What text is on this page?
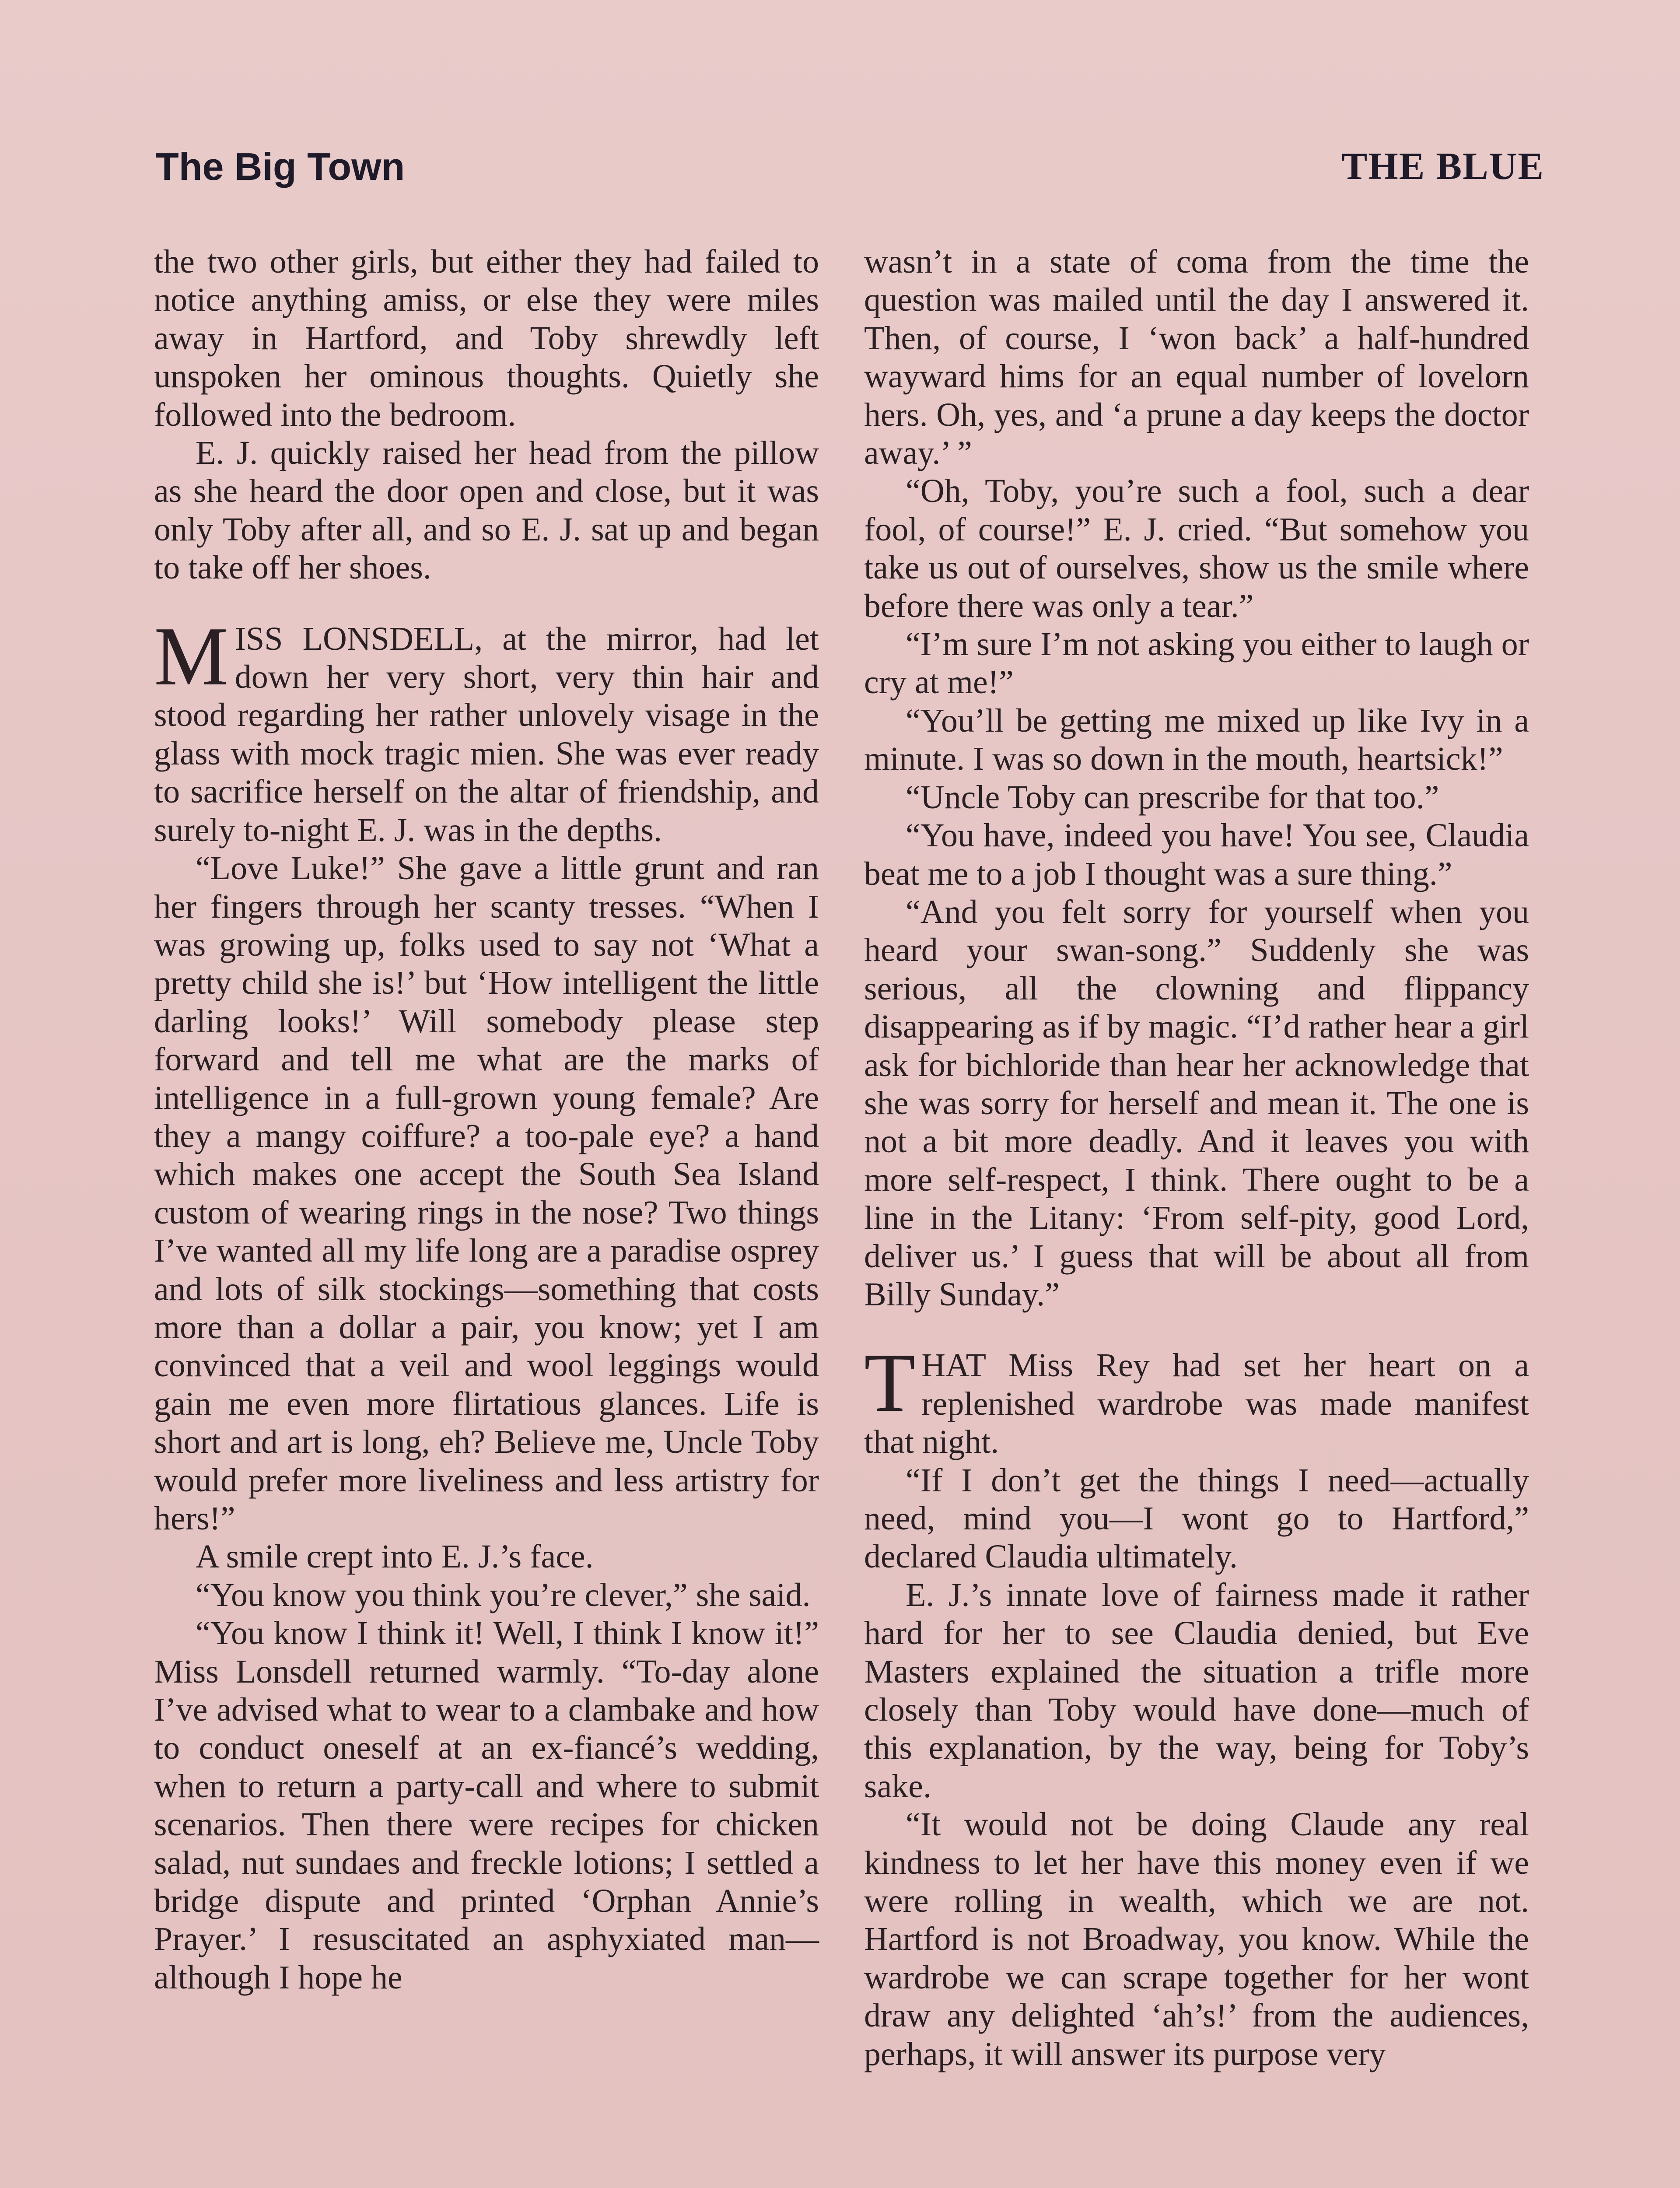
The Big Town	THE BLUE

the two other girls, but either they had failed to notice anything amiss, or else they were miles away in Hartford, and Toby shrewdly left unspoken her ominous thoughts. Quietly she followed into the bedroom.

E. J. quickly raised her head from the pillow as she heard the door open and close, but it was only Toby after all, and so E. J. sat up and began to take off her shoes.

MISS LONSDELL, at the mirror, had let down her very short, very thin hair and stood regarding her rather unlovely visage in the glass with mock tragic mien. She was ever ready to sacrifice herself on the altar of friendship, and surely to-night E. J. was in the depths.

“Love Luke!” She gave a little grunt and ran her fingers through her scanty tresses. “When I was growing up, folks used to say not ‘What a pretty child she is!’ but ‘How intelligent the little darling looks!’ Will somebody please step forward and tell me what are the marks of intelligence in a full-grown young female? Are they a mangy coiffure? a too-pale eye? a hand which makes one accept the South Sea Island custom of wearing rings in the nose? Two things I’ve wanted all my life long are a paradise osprey and lots of silk stockings—something that costs more than a dollar a pair, you know; yet I am convinced that a veil and wool leggings would gain me even more flirtatious glances. Life is short and art is long, eh? Believe me, Uncle Toby would prefer more liveliness and less artistry for hers!”

A smile crept into E. J.’s face.

“You know you think you’re clever,” she said.

“You know I think it! Well, I think I know it!” Miss Lonsdell returned warmly. “To-day alone I’ve advised what to wear to a clambake and how to conduct oneself at an ex-fiancé’s wedding, when to return a party-call and where to submit scenarios. Then there were recipes for chicken salad, nut sundaes and freckle lotions; I settled a bridge dispute and printed ‘Orphan Annie’s Prayer.’ I resuscitated an asphyxiated man—although I hope he

wasn’t in a state of coma from the time the question was mailed until the day I answered it. Then, of course, I ‘won back’ a half-hundred wayward hims for an equal number of lovelorn hers. Oh, yes, and ‘a prune a day keeps the doctor away.’ ”

“Oh, Toby, you’re such a fool, such a dear fool, of course!” E. J. cried. “But somehow you take us out of ourselves, show us the smile where before there was only a tear.”

“I’m sure I’m not asking you either to laugh or cry at me!”

“You’ll be getting me mixed up like Ivy in a minute. I was so down in the mouth, heartsick!”

“Uncle Toby can prescribe for that too.”

“You have, indeed you have! You see, Claudia beat me to a job I thought was a sure thing.”

“And you felt sorry for yourself when you heard your swan-song.” Suddenly she was serious, all the clowning and flippancy disappearing as if by magic. “I’d rather hear a girl ask for bichloride than hear her acknowledge that she was sorry for herself and mean it. The one is not a bit more deadly. And it leaves you with more self-respect, I think. There ought to be a line in the Litany: ‘From self-pity, good Lord, deliver us.’ I guess that will be about all from Billy Sunday.”

THAT Miss Rey had set her heart on a replenished wardrobe was made manifest that night.

“If I don’t get the things I need—actually need, mind you—I wont go to Hartford,” declared Claudia ultimately.

E. J.’s innate love of fairness made it rather hard for her to see Claudia denied, but Eve Masters explained the situation a trifle more closely than Toby would have done—much of this explanation, by the way, being for Toby’s sake.

“It would not be doing Claude any real kindness to let her have this money even if we were rolling in wealth, which we are not. Hartford is not Broadway, you know. While the wardrobe we can scrape together for her wont draw any delighted ‘ah’s!’ from the audiences, perhaps, it will answer its purpose very
